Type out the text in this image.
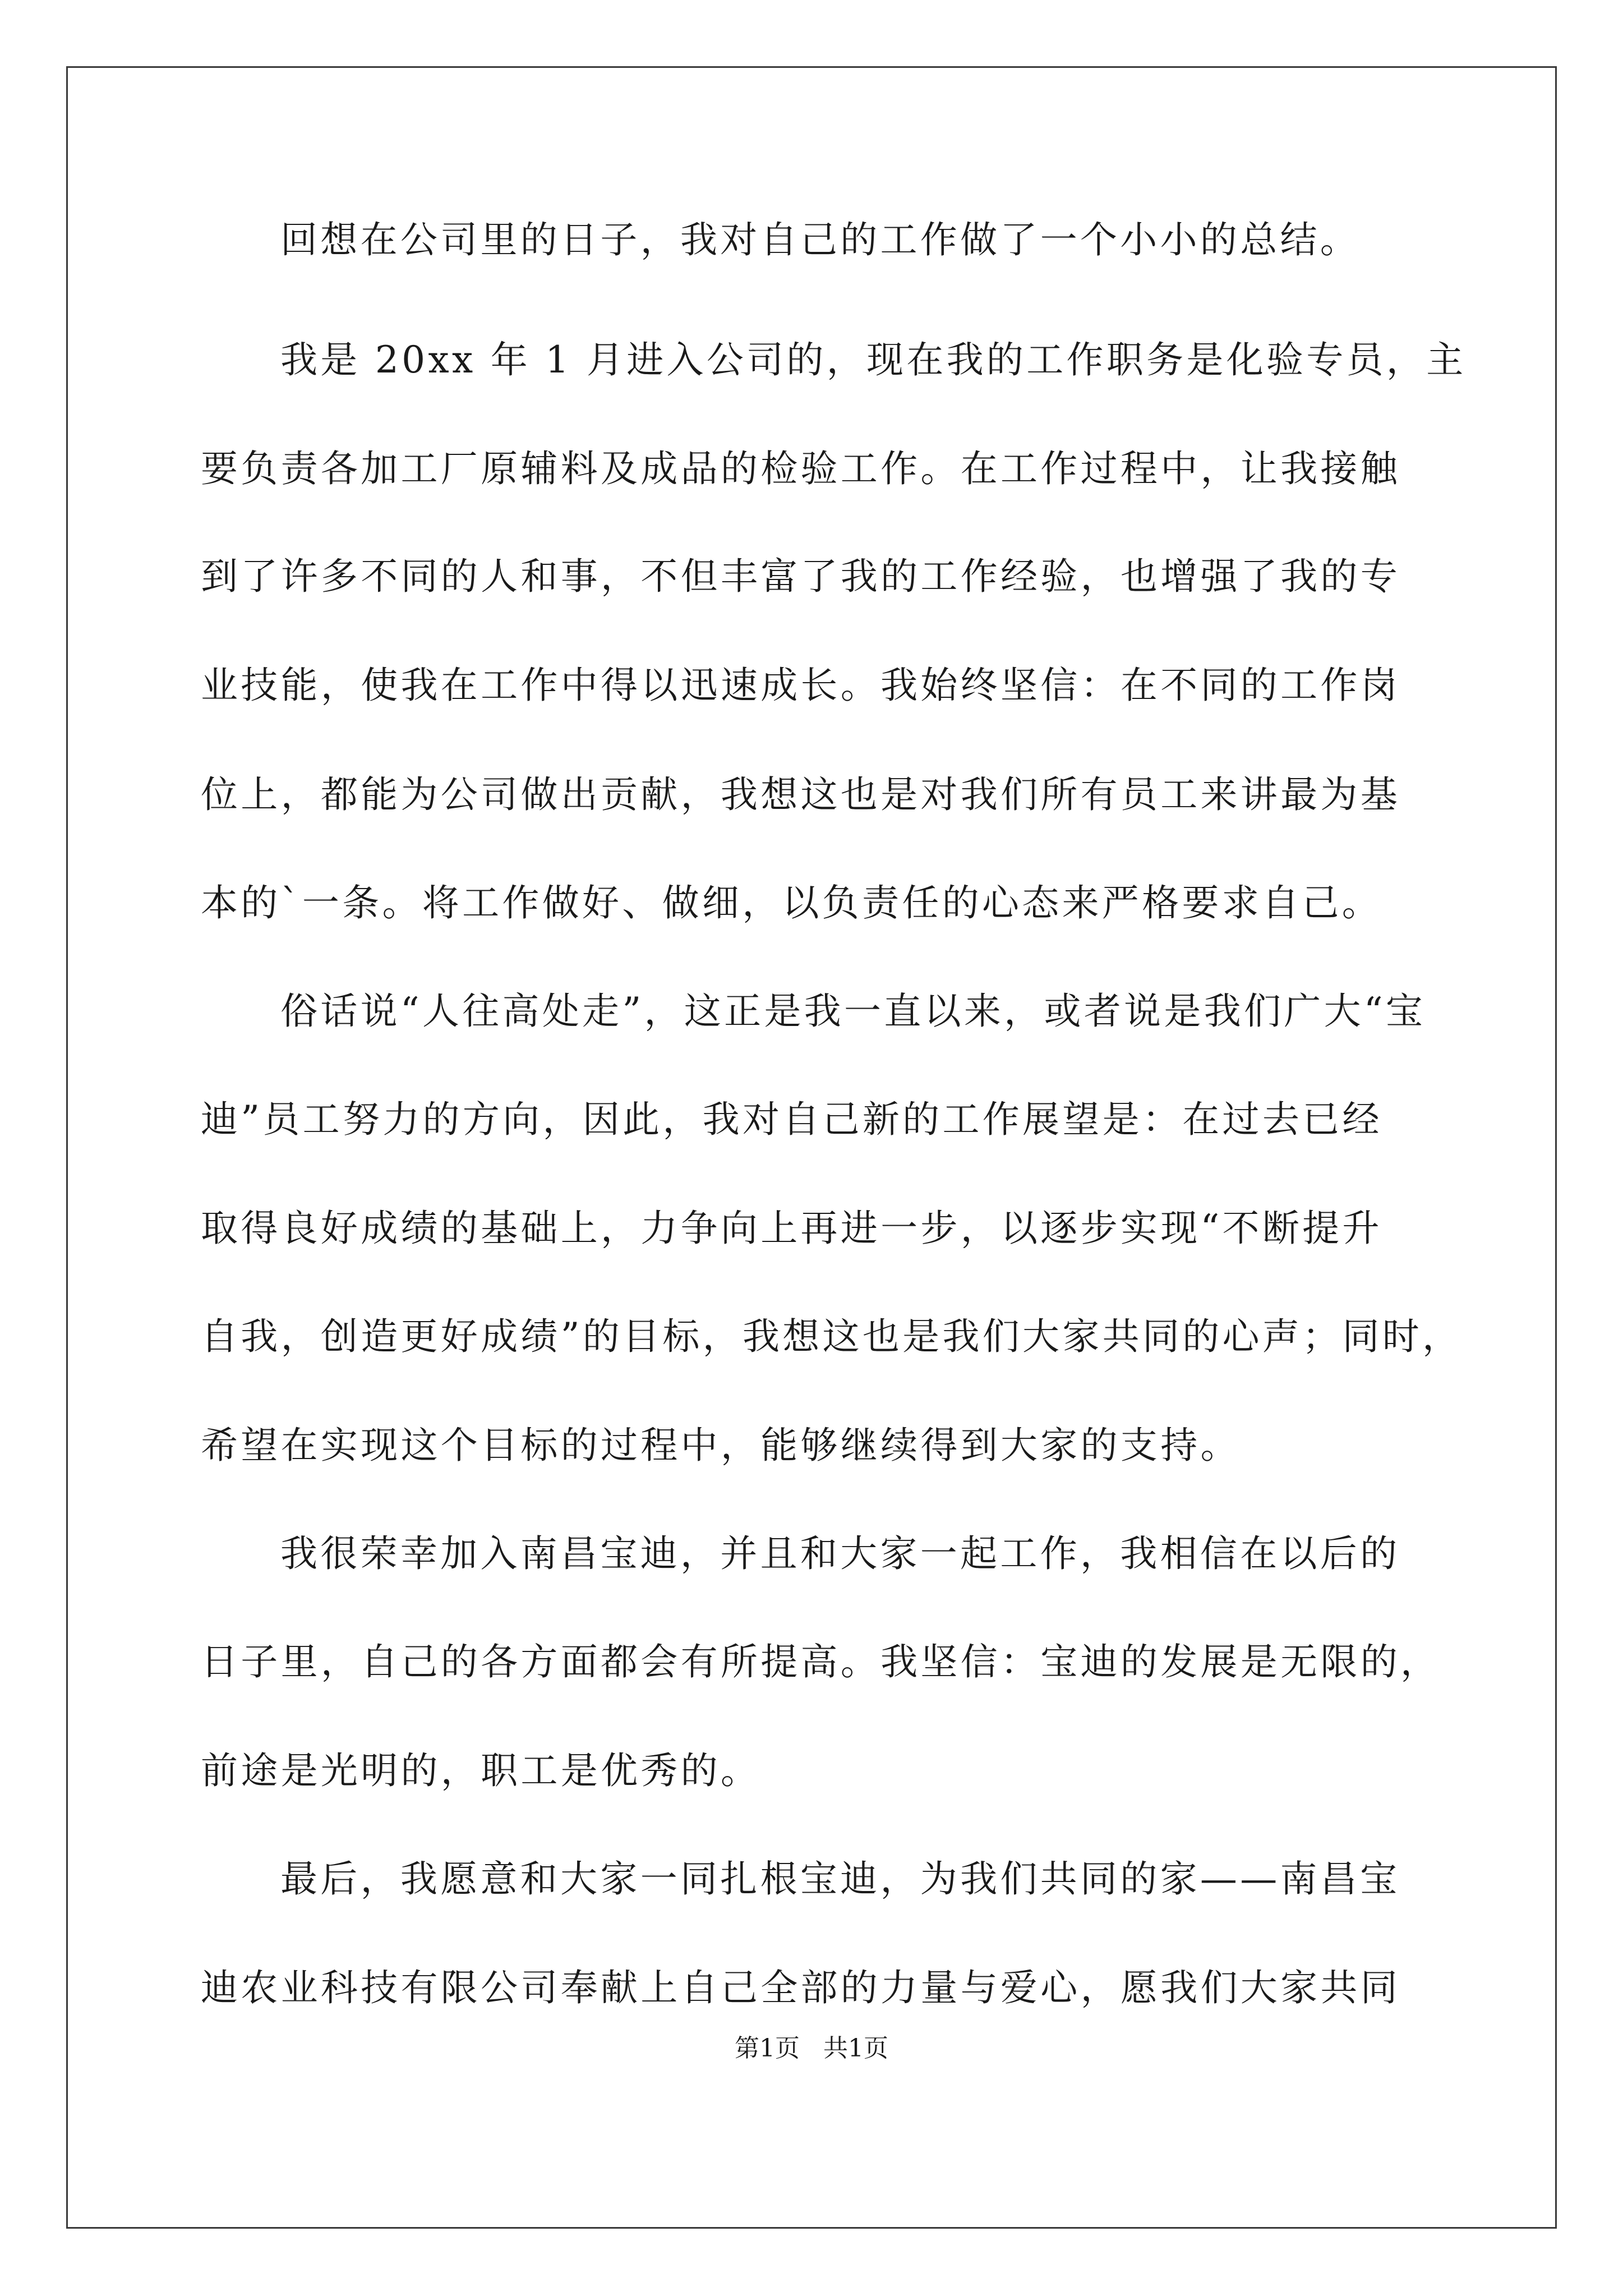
回想在公司里的日子，我对自己的工作做了一个小小的总结。
我是 20xx 年 1 月进入公司的，现在我的工作职务是化验专员，主
要负责各加工厂原辅料及成品的检验工作。在工作过程中，让我接触
到了许多不同的人和事，不但丰富了我的工作经验，也增强了我的专
业技能，使我在工作中得以迅速成长。我始终坚信：在不同的工作岗
位上，都能为公司做出贡献，我想这也是对我们所有员工来讲最为基
本的`一条。将工作做好、做细，以负责任的心态来严格要求自己。
俗话说“人往高处走”，这正是我一直以来，或者说是我们广大“宝
迪”员工努力的方向，因此，我对自己新的工作展望是：在过去已经
取得良好成绩的基础上，力争向上再进一步，以逐步实现“不断提升
自我，创造更好成绩”的目标，我想这也是我们大家共同的心声；同时，
希望在实现这个目标的过程中，能够继续得到大家的支持。
我很荣幸加入南昌宝迪，并且和大家一起工作，我相信在以后的
日子里，自己的各方面都会有所提高。我坚信：宝迪的发展是无限的，
前途是光明的，职工是优秀的。
最后，我愿意和大家一同扎根宝迪，为我们共同的家——南昌宝
迪农业科技有限公司奉献上自己全部的力量与爱心，愿我们大家共同
第1页   共1页
